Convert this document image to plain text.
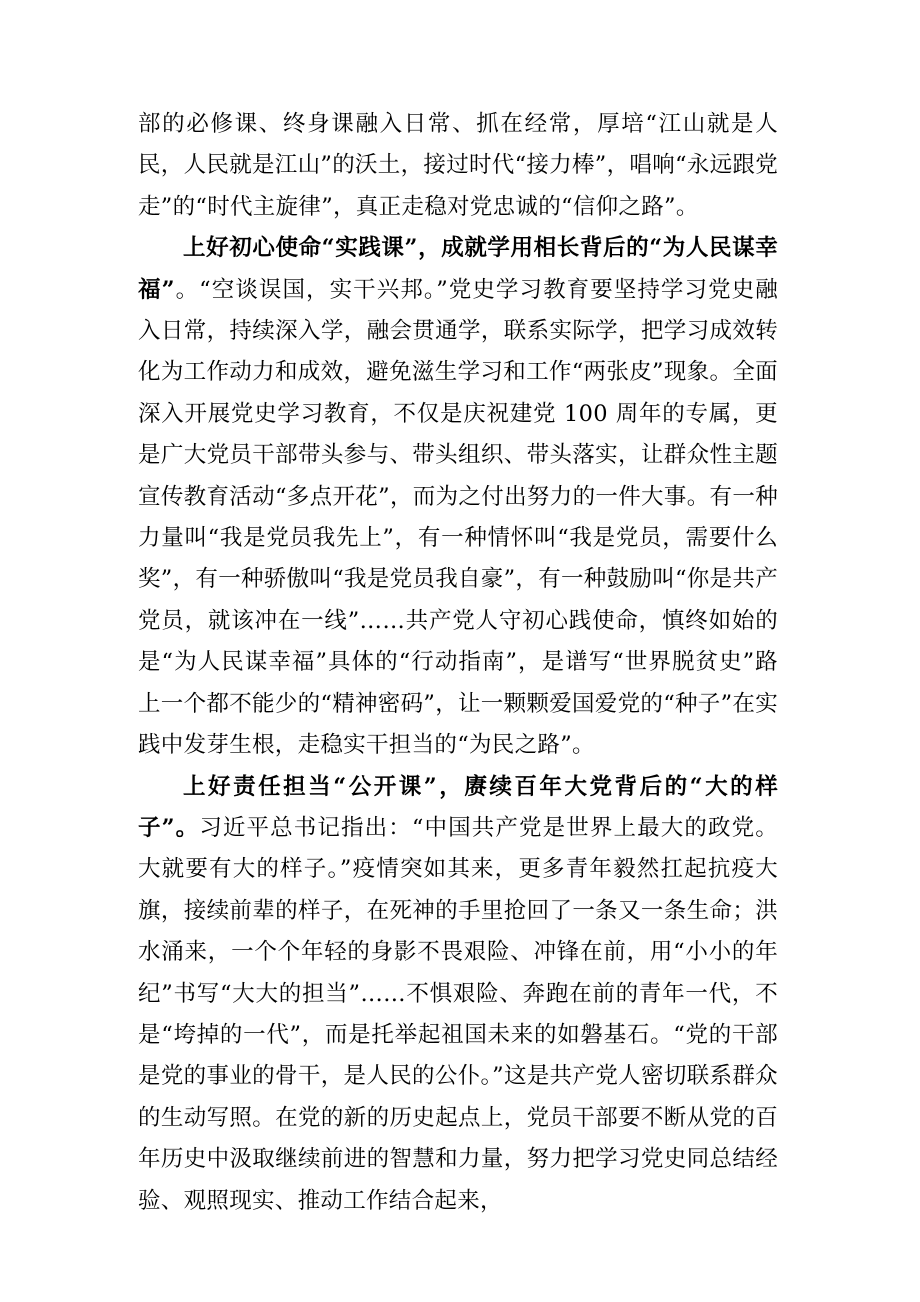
部的必修课、终身课融入日常、抓在经常，厚培“江山就是人民，人民就是江山”的沃土，接过时代“接力棒”，唱响“永远跟党走”的“时代主旋律”，真正走稳对党忠诚的“信仰之路”。

上好初心使命“实践课”，成就学用相长背后的“为人民谋幸福”。“空谈误国，实干兴邦。”党史学习教育要坚持学习党史融入日常，持续深入学，融会贯通学，联系实际学，把学习成效转化为工作动力和成效，避免滋生学习和工作“两张皮”现象。全面深入开展党史学习教育，不仅是庆祝建党 100 周年的专属，更是广大党员干部带头参与、带头组织、带头落实，让群众性主题宣传教育活动“多点开花”，而为之付出努力的一件大事。有一种力量叫“我是党员我先上”，有一种情怀叫“我是党员，需要什么奖”，有一种骄傲叫“我是党员我自豪”，有一种鼓励叫“你是共产党员，就该冲在一线”……共产党人守初心践使命，慎终如始的是“为人民谋幸福”具体的“行动指南”，是谱写“世界脱贫史”路上一个都不能少的“精神密码”，让一颗颗爱国爱党的“种子”在实践中发芽生根，走稳实干担当的“为民之路”。

上好责任担当“公开课”，赓续百年大党背后的“大的样子”。习近平总书记指出：“中国共产党是世界上最大的政党。大就要有大的样子。”疫情突如其来，更多青年毅然扛起抗疫大旗，接续前辈的样子，在死神的手里抢回了一条又一条生命；洪水涌来，一个个年轻的身影不畏艰险、冲锋在前，用“小小的年纪”书写“大大的担当”……不惧艰险、奔跑在前的青年一代，不是“垮掉的一代”，而是托举起祖国未来的如磐基石。“党的干部是党的事业的骨干，是人民的公仆。”这是共产党人密切联系群众的生动写照。在党的新的历史起点上，党员干部要不断从党的百年历史中汲取继续前进的智慧和力量，努力把学习党史同总结经验、观照现实、推动工作结合起来，
